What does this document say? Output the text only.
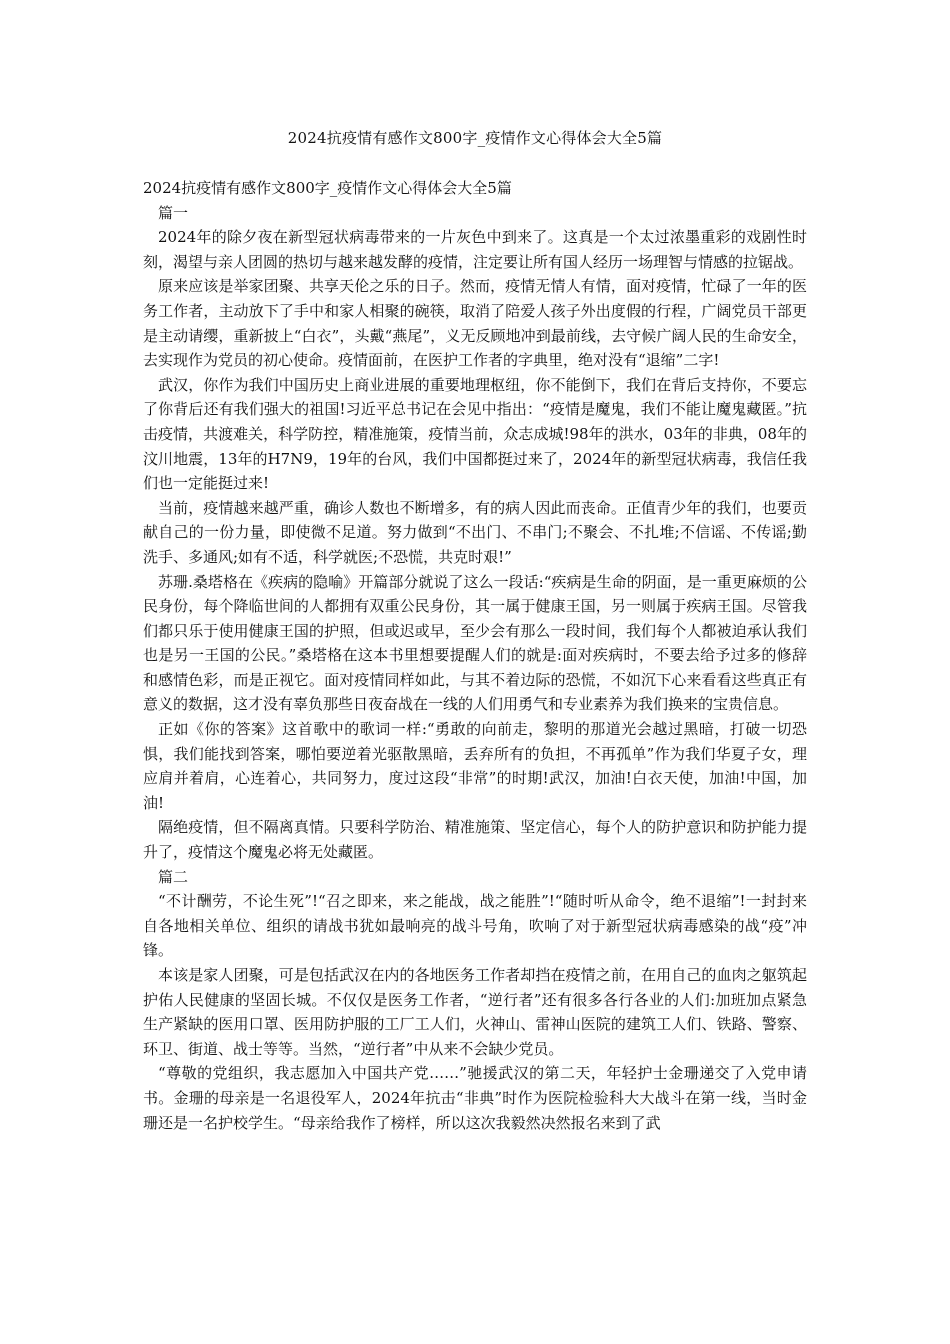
2024抗疫情有感作文800字_疫情作文心得体会大全5篇

2024抗疫情有感作文800字_疫情作文心得体会大全5篇

篇一

2024年的除夕夜在新型冠状病毒带来的一片灰色中到来了。这真是一个太过浓墨重彩的戏剧性时刻，渴望与亲人团圆的热切与越来越发酵的疫情，注定要让所有国人经历一场理智与情感的拉锯战。

原来应该是举家团聚、共享天伦之乐的日子。然而，疫情无情人有情，面对疫情，忙碌了一年的医务工作者，主动放下了手中和家人相聚的碗筷，取消了陪爱人孩子外出度假的行程，广阔党员干部更是主动请缨，重新披上“白衣”，头戴“燕尾”，义无反顾地冲到最前线，去守候广阔人民的生命安全，去实现作为党员的初心使命。疫情面前，在医护工作者的字典里，绝对没有“退缩”二字!

武汉，你作为我们中国历史上商业进展的重要地理枢纽，你不能倒下，我们在背后支持你，不要忘了你背后还有我们强大的祖国!习近平总书记在会见中指出：“疫情是魔鬼，我们不能让魔鬼藏匿。”抗击疫情，共渡难关，科学防控，精准施策，疫情当前，众志成城!98年的洪水，03年的非典，08年的汶川地震，13年的H7N9，19年的台风，我们中国都挺过来了，2024年的新型冠状病毒，我信任我们也一定能挺过来!

当前，疫情越来越严重，确诊人数也不断增多，有的病人因此而丧命。正值青少年的我们，也要贡献自己的一份力量，即使微不足道。努力做到“不出门、不串门;不聚会、不扎堆;不信谣、不传谣;勤洗手、多通风;如有不适，科学就医;不恐慌，共克时艰!”

苏珊.桑塔格在《疾病的隐喻》开篇部分就说了这么一段话:“疾病是生命的阴面，是一重更麻烦的公民身份，每个降临世间的人都拥有双重公民身份，其一属于健康王国，另一则属于疾病王国。尽管我们都只乐于使用健康王国的护照，但或迟或早，至少会有那么一段时间，我们每个人都被迫承认我们也是另一王国的公民。”桑塔格在这本书里想要提醒人们的就是:面对疾病时，不要去给予过多的修辞和感情色彩，而是正视它。面对疫情同样如此，与其不着边际的恐慌，不如沉下心来看看这些真正有意义的数据，这才没有辜负那些日夜奋战在一线的人们用勇气和专业素养为我们换来的宝贵信息。

正如《你的答案》这首歌中的歌词一样:“勇敢的向前走，黎明的那道光会越过黑暗，打破一切恐惧，我们能找到答案，哪怕要逆着光驱散黑暗，丢弃所有的负担，不再孤单”作为我们华夏子女，理应肩并着肩，心连着心，共同努力，度过这段“非常”的时期!武汉，加油!白衣天使，加油!中国，加油!

隔绝疫情，但不隔离真情。只要科学防治、精准施策、坚定信心，每个人的防护意识和防护能力提升了，疫情这个魔鬼必将无处藏匿。

篇二

“不计酬劳，不论生死”!“召之即来，来之能战，战之能胜”!“随时听从命令，绝不退缩”!一封封来自各地相关单位、组织的请战书犹如最响亮的战斗号角，吹响了对于新型冠状病毒感染的战“疫”冲锋。

本该是家人团聚，可是包括武汉在内的各地医务工作者却挡在疫情之前，在用自己的血肉之躯筑起护佑人民健康的坚固长城。不仅仅是医务工作者，“逆行者”还有很多各行各业的人们:加班加点紧急生产紧缺的医用口罩、医用防护服的工厂工人们，火神山、雷神山医院的建筑工人们、铁路、警察、环卫、街道、战士等等。当然，“逆行者”中从来不会缺少党员。

“尊敬的党组织，我志愿加入中国共产党……”驰援武汉的第二天，年轻护士金珊递交了入党申请书。金珊的母亲是一名退役军人，2024年抗击“非典”时作为医院检验科大大战斗在第一线，当时金珊还是一名护校学生。“母亲给我作了榜样，所以这次我毅然决然报名来到了武
